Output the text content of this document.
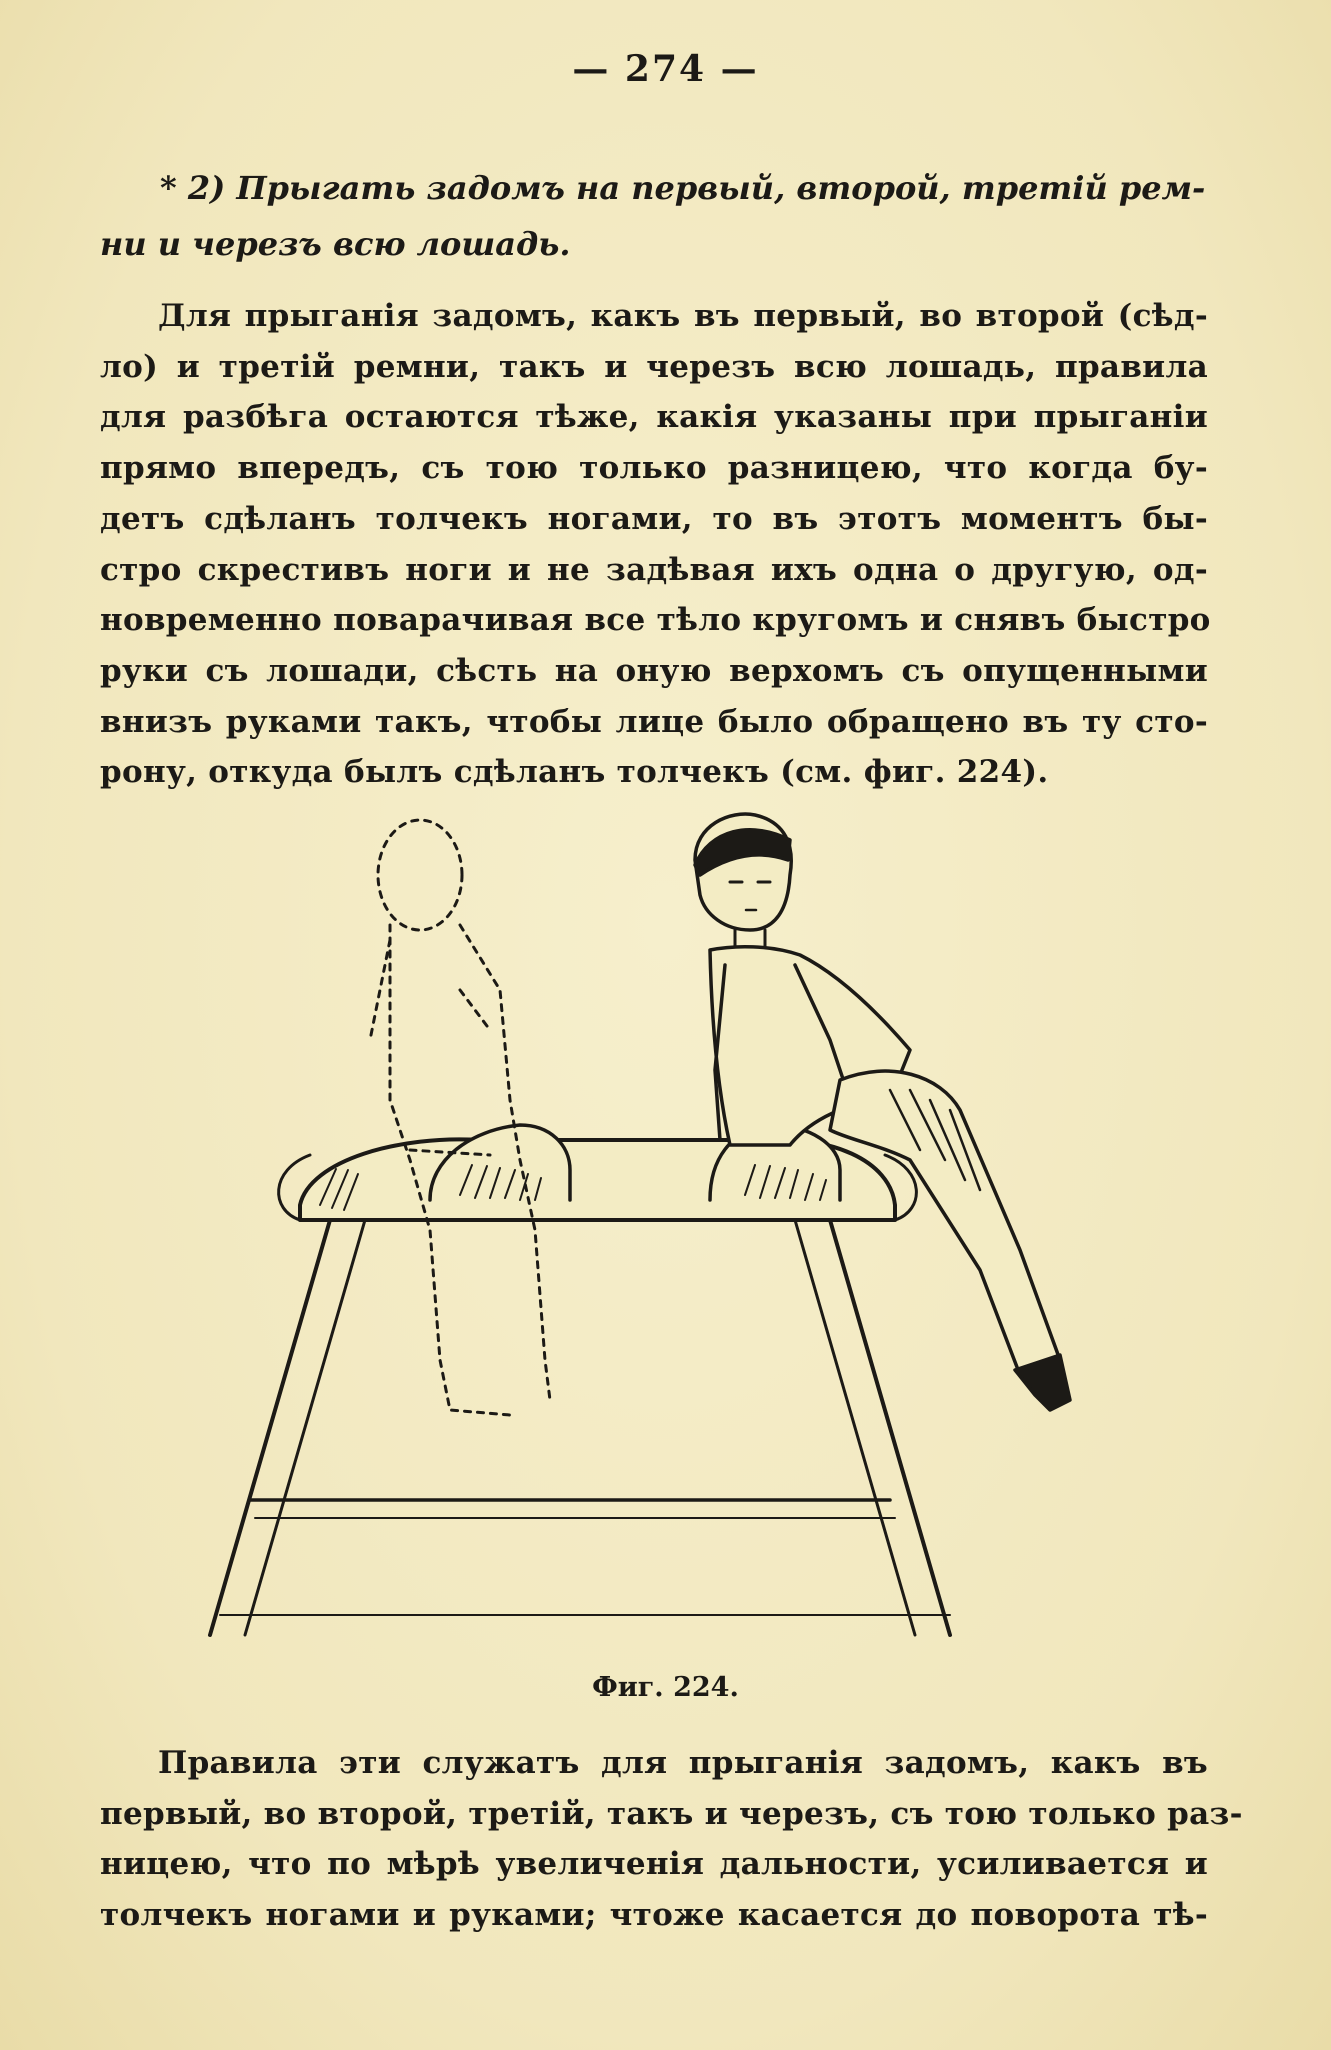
— 274 —
* 2) Прыгать задомъ на первый, второй, третій рем-
ни и черезъ всю лошадь.
Для прыганія задомъ, какъ въ первый, во второй (сѣд-
ло) и третій ремни, такъ и черезъ всю лошадь, правила
для разбѣга остаются тѣже, какія указаны при прыганіи
прямо впередъ, съ тою только разницею, что когда бу-
детъ сдѣланъ толчекъ ногами, то въ этотъ моментъ бы-
стро скрестивъ ноги и не задѣвая ихъ одна о другую, од-
новременно поварачивая все тѣло кругомъ и снявъ быстро
руки съ лошади, сѣсть на оную верхомъ съ опущенными
внизъ руками такъ, чтобы лице было обращено въ ту сто-
рону, откуда былъ сдѣланъ толчекъ (см. фиг. 224).
Фиг. 224.
Правила эти служатъ для прыганія задомъ, какъ въ
первый, во второй, третій, такъ и черезъ, съ тою только раз-
ницею, что по мѣрѣ увеличенія дальности, усиливается и
толчекъ ногами и руками; чтоже касается до поворота тѣ-
